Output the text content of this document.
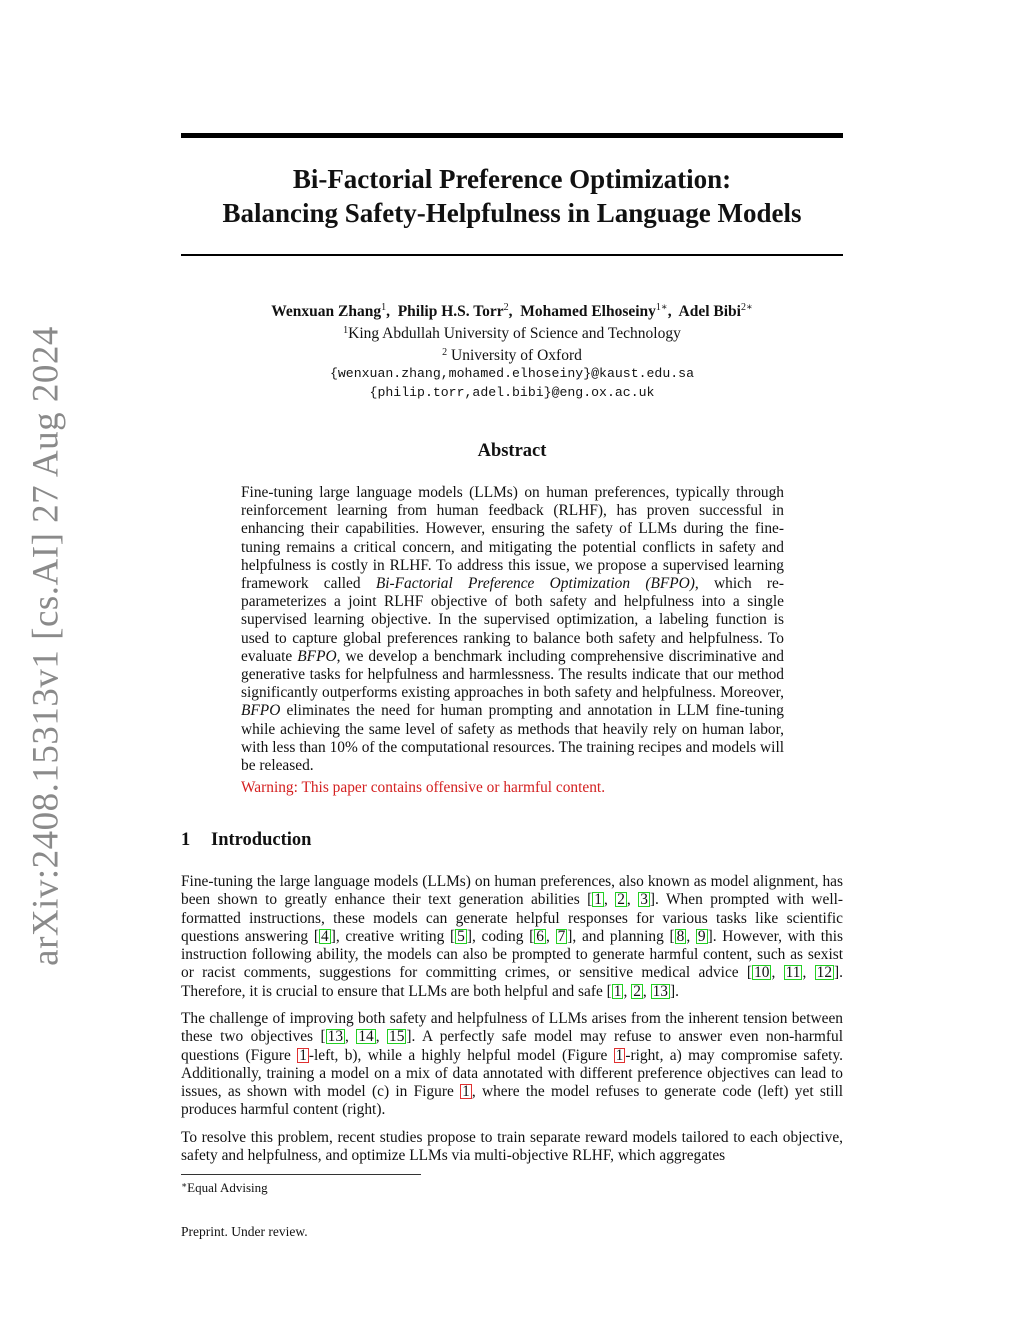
arXiv:2408.15313v1 [cs.AI] 27 Aug 2024
Bi-Factorial Preference Optimization:
Balancing Safety-Helpfulness in Language Models
Wenxuan Zhang$^1$,  Philip H.S. Torr$^2$,  Mohamed Elhoseiny$^{1∗}$,  Adel Bibi$^{2∗}$
$^1$King Abdullah University of Science and Technology
$^2$ University of Oxford
{wenxuan.zhang,mohamed.elhoseiny}@kaust.edu.sa
{philip.torr,adel.bibi}@eng.ox.ac.uk
Abstract

Fine-tuning large language models (LLMs) on human preferences, typically through reinforcement learning from human feedback (RLHF), has proven successful in enhancing their capabilities. However, ensuring the safety of LLMs during the fine-tuning remains a critical concern, and mitigating the potential conflicts in safety and helpfulness is costly in RLHF. To address this issue, we propose a supervised learning framework called Bi-Factorial Preference Optimization (BFPO), which re-parameterizes a joint RLHF objective of both safety and helpfulness into a single supervised learning objective. In the supervised optimization, a labeling function is used to capture global preferences ranking to balance both safety and helpfulness. To evaluate BFPO, we develop a benchmark including comprehensive discriminative and generative tasks for helpfulness and harmlessness. The results indicate that our method significantly outperforms existing approaches in both safety and helpfulness. Moreover, BFPO eliminates the need for human prompting and annotation in LLM fine-tuning while achieving the same level of safety as methods that heavily rely on human labor, with less than 10% of the computational resources. The training recipes and models will be released.

Warning: This paper contains offensive or harmful content.

1 Introduction

Fine-tuning the large language models (LLMs) on human preferences, also known as model alignment, has been shown to greatly enhance their text generation abilities [ 1 , 2 , 3 ]. When prompted with well-formatted instructions, these models can generate helpful responses for various tasks like scientific questions answering [ 4 ], creative writing [ 5 ], coding [ 6 , 7 ], and planning [ 8 , 9 ]. However, with this instruction following ability, the models can also be prompted to generate harmful content, such as sexist or racist comments, suggestions for committing crimes, or sensitive medical advice [ 10 , 11 , 12 ]. Therefore, it is crucial to ensure that LLMs are both helpful and safe [ 1 , 2 , 13 ].

The challenge of improving both safety and helpfulness of LLMs arises from the inherent tension between these two objectives [ 13 , 14 , 15 ]. A perfectly safe model may refuse to answer even non-harmful questions (Figure 1 -left, b), while a highly helpful model (Figure 1 -right, a) may compromise safety. Additionally, training a model on a mix of data annotated with different preference objectives can lead to issues, as shown with model (c) in Figure 1 , where the model refuses to generate code (left) yet still produces harmful content (right).

To resolve this problem, recent studies propose to train separate reward models tailored to each objective, safety and helpfulness, and optimize LLMs via multi-objective RLHF, which aggregates

∗Equal Advising

Preprint. Under review.
